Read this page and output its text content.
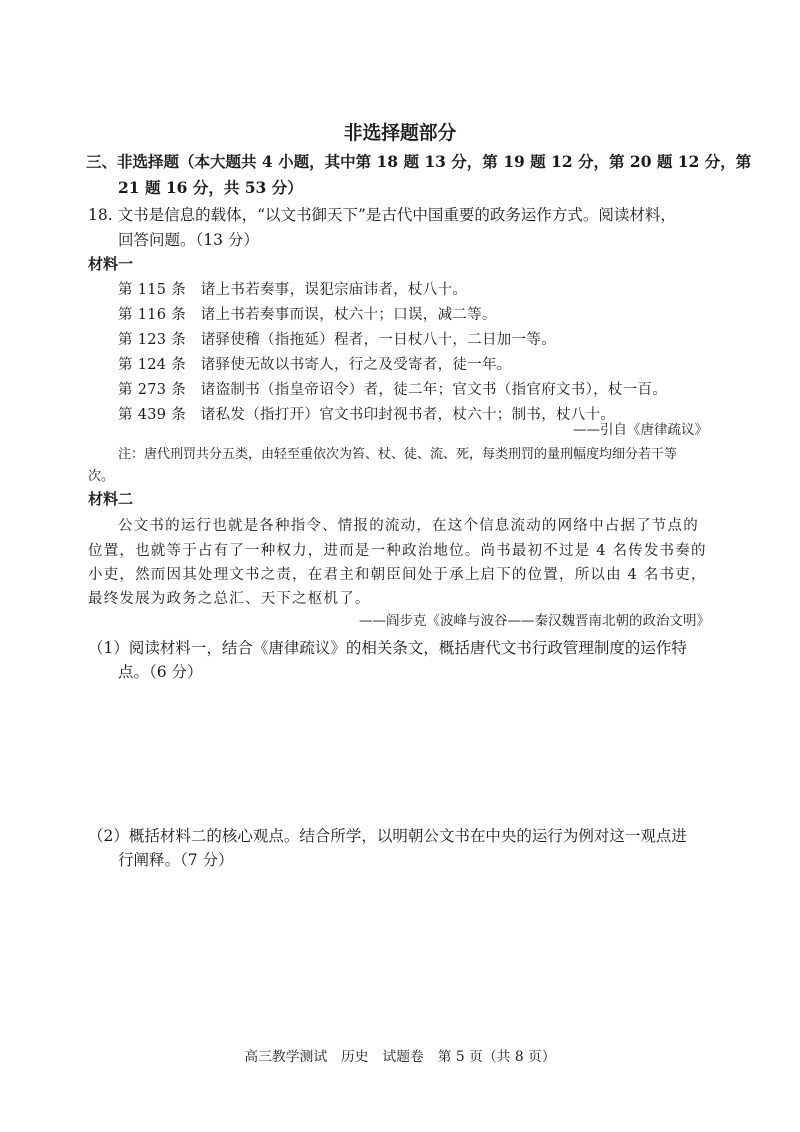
非选择题部分
三、非选择题（本大题共 4 小题，其中第 18 题 13 分，第 19 题 12 分，第 20 题 12 分，第
21 题 16 分，共 53 分）
18. 文书是信息的载体，“以文书御天下”是古代中国重要的政务运作方式。阅读材料，
回答问题。（13 分）
材料一
第 115 条　诸上书若奏事，误犯宗庙讳者，杖八十。
第 116 条　诸上书若奏事而误，杖六十；口误，减二等。
第 123 条　诸驿使稽（指拖延）程者，一日杖八十，二日加一等。
第 124 条　诸驿使无故以书寄人，行之及受寄者，徒一年。
第 273 条　诸盗制书（指皇帝诏令）者，徒二年；官文书（指官府文书），杖一百。
第 439 条　诸私发（指打开）官文书印封视书者，杖六十；制书，杖八十。
——引自《唐律疏议》
注：唐代刑罚共分五类，由轻至重依次为笞、杖、徒、流、死，每类刑罚的量刑幅度均细分若干等
次。
材料二
公文书的运行也就是各种指令、情报的流动，在这个信息流动的网络中占据了节点的
位置，也就等于占有了一种权力，进而是一种政治地位。尚书最初不过是 4 名传发书奏的
小吏，然而因其处理文书之责，在君主和朝臣间处于承上启下的位置，所以由 4 名书吏，
最终发展为政务之总汇、天下之枢机了。
——阎步克《波峰与波谷——秦汉魏晋南北朝的政治文明》
（1）阅读材料一，结合《唐律疏议》的相关条文，概括唐代文书行政管理制度的运作特
点。（6 分）
（2）概括材料二的核心观点。结合所学，以明朝公文书在中央的运行为例对这一观点进
行阐释。（7 分）
高三教学测试　历史　试题卷　第 5 页（共 8 页）
